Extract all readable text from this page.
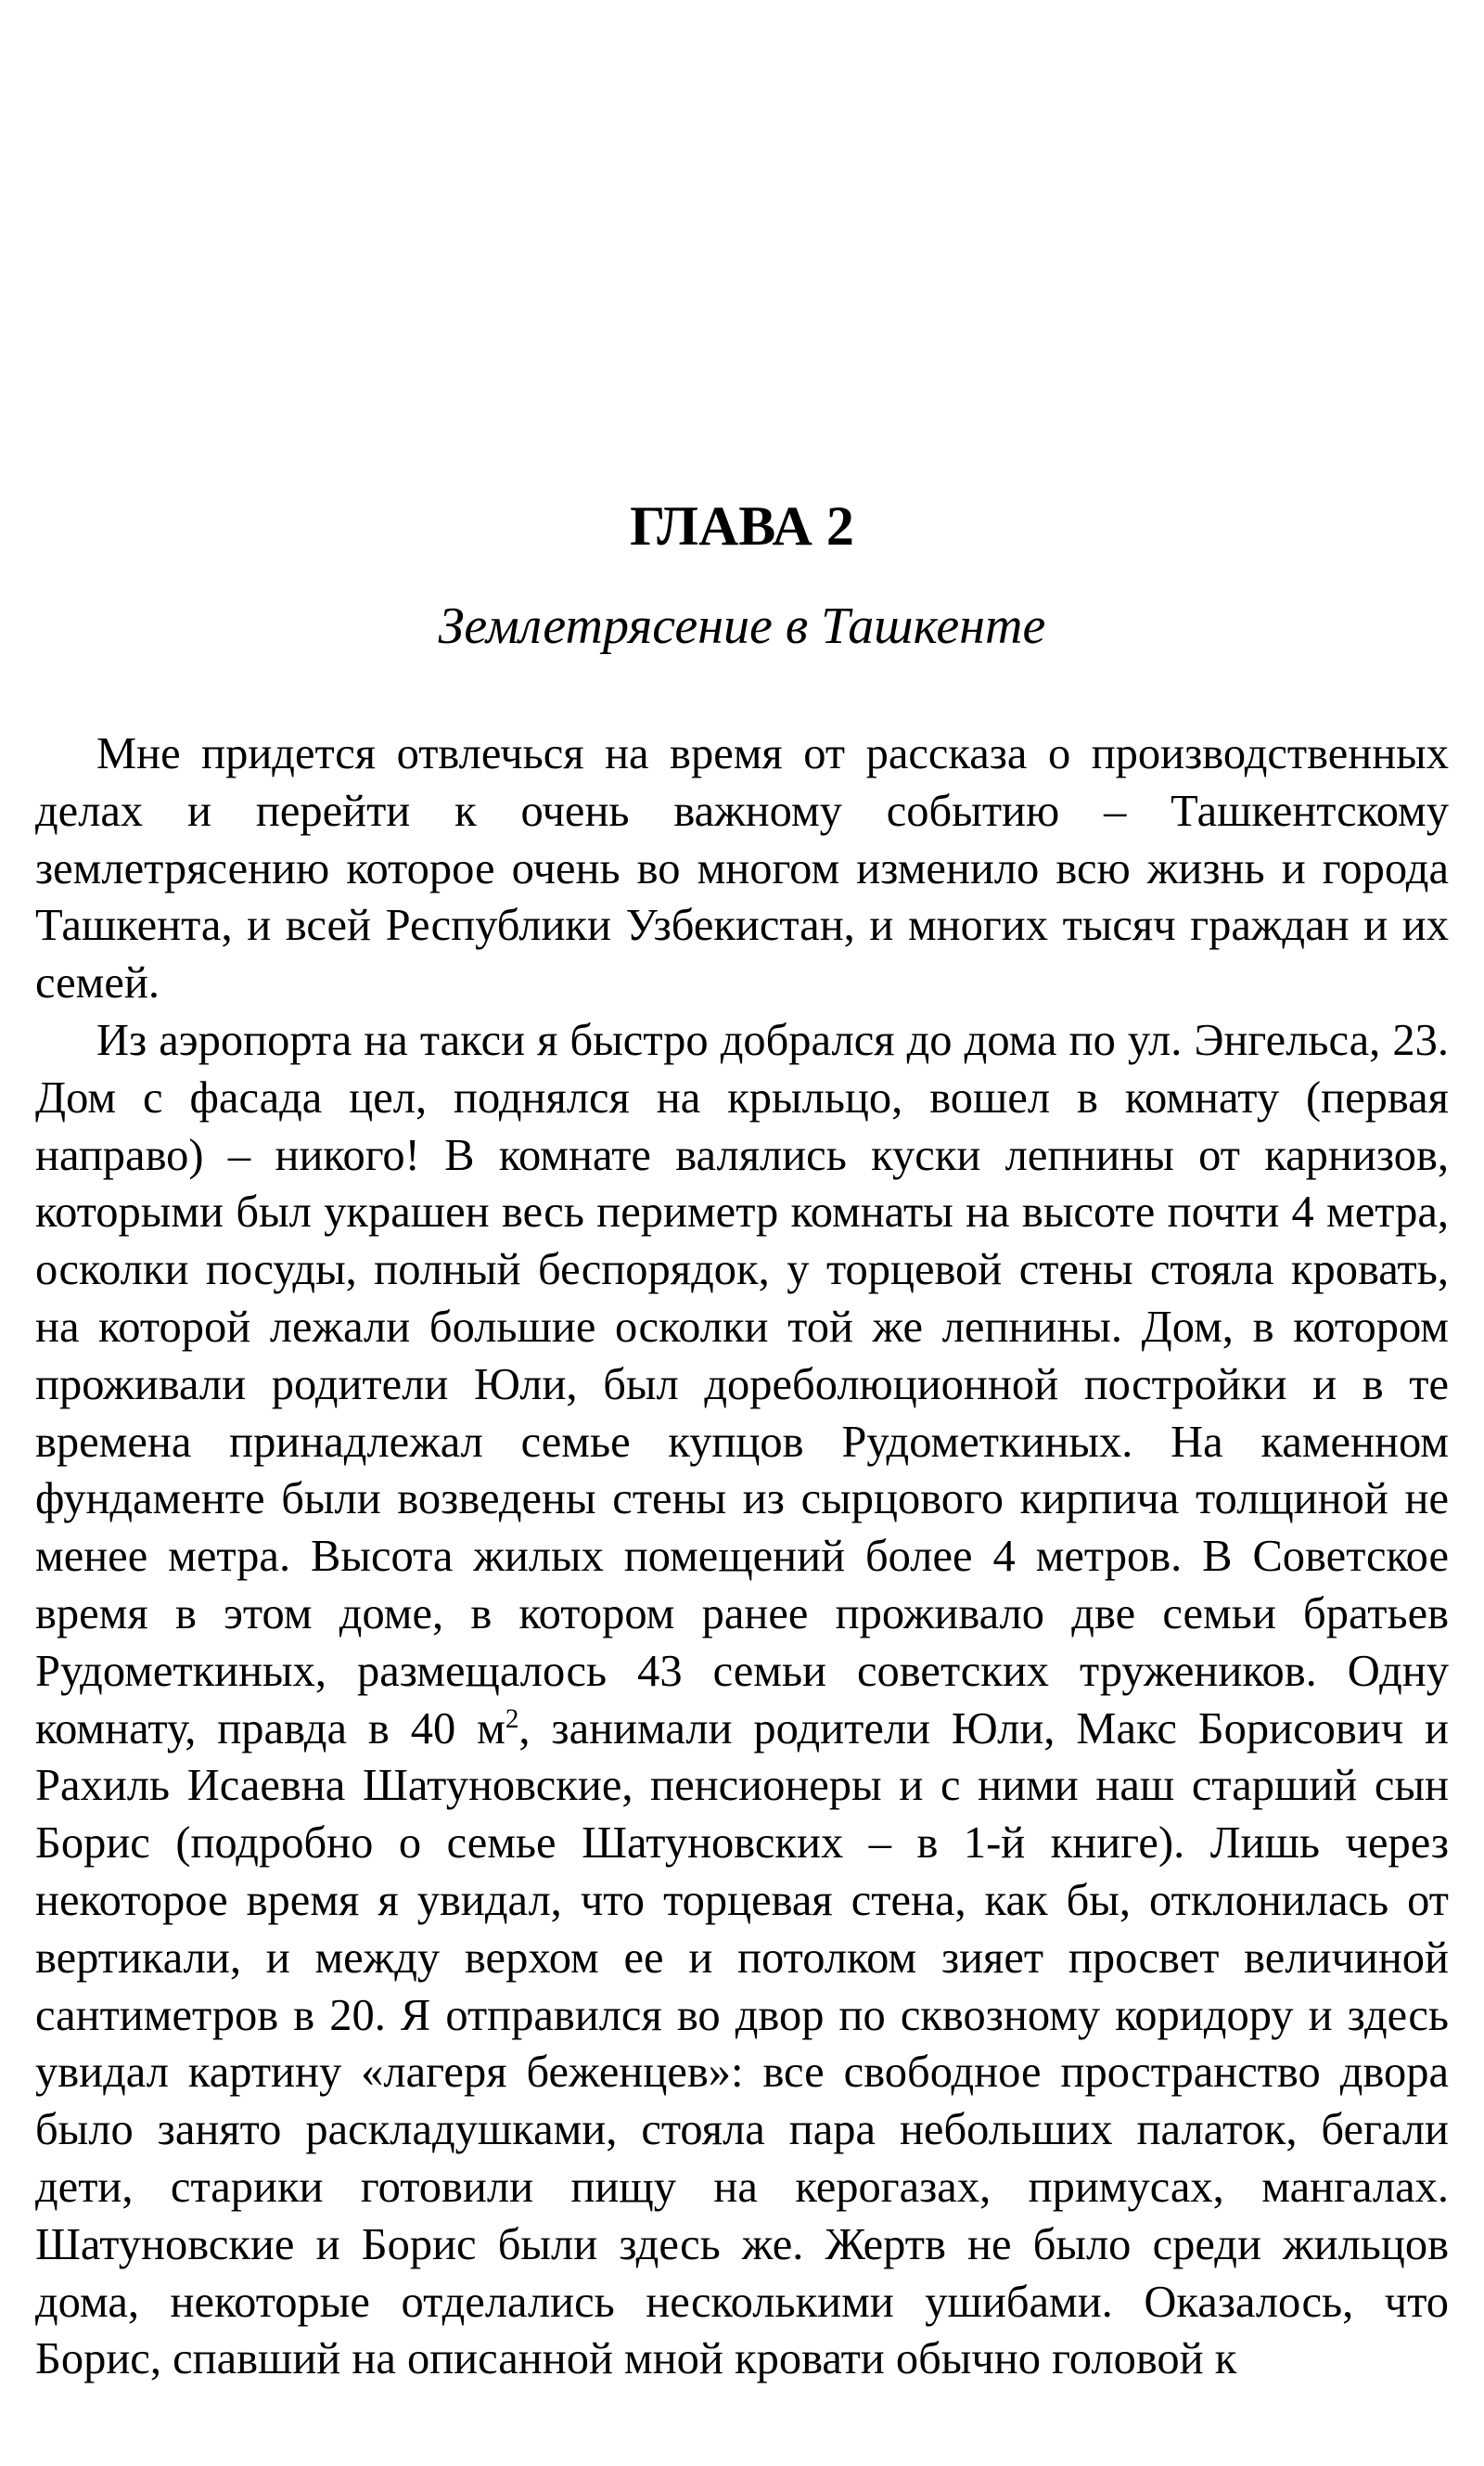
ГЛАВА 2
Землетрясение в Ташкенте

Мне придется отвлечься на время от рассказа о производственных делах и перейти к очень важному событию – Ташкентскому землетрясению которое очень во многом изменило всю жизнь и города Ташкента, и всей Республики Узбекистан, и многих тысяч граждан и их семей.

Из аэропорта на такси я быстро добрался до дома по ул. Энгельса, 23. Дом с фасада цел, поднялся на крыльцо, вошел в комнату (первая направо) – никого! В комнате валялись куски лепнины от карнизов, которыми был украшен весь периметр комнаты на высоте почти 4 метра, осколки посуды, полный беспорядок, у торцевой стены стояла кровать, на которой лежали большие осколки той же лепнины. Дом, в котором проживали родители Юли, был дореболюционной постройки и в те времена принадлежал семье купцов Рудометкиных. На каменном фундаменте были возведены стены из сырцового кирпича толщиной не менее метра. Высота жилых помещений более 4 метров. В Советское время в этом доме, в котором ранее проживало две семьи братьев Рудометкиных, размещалось 43 семьи советских тружеников. Одну комнату, правда в 40 $м^2$, занимали родители Юли, Макс Борисович и Рахиль Исаевна Шатуновские, пенсионеры и с ними наш старший сын Борис (подробно о семье Шатуновских – в 1-й книге). Лишь через некоторое время я увидал, что торцевая стена, как бы, отклонилась от вертикали, и между верхом ее и потолком зияет просвет величиной сантиметров в 20. Я отправился во двор по сквозному коридору и здесь увидал картину «лагеря беженцев»: все свободное пространство двора было занято раскладушками, стояла пара небольших палаток, бегали дети, старики готовили пищу на керогазах, примусах, мангалах. Шатуновские и Борис были здесь же. Жертв не было среди жильцов дома, некоторые отделались несколькими ушибами. Оказалось, что Борис, спавший на описанной мной кровати обычно головой к
